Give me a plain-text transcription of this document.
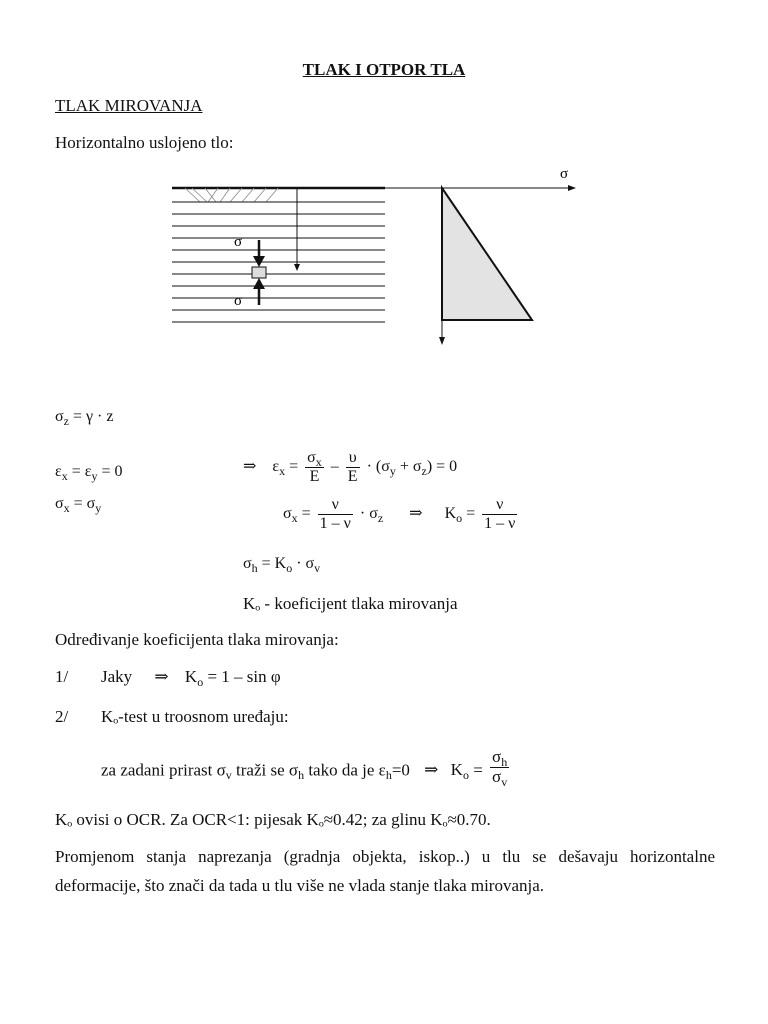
TLAK I OTPOR TLA
TLAK MIROVANJA
Horizontalno uslojeno tlo:
σ
σ
σ
$\sigma_z = \gamma \cdot z$
$\varepsilon_x = \varepsilon_y = 0$
$\sigma_x = \sigma_y$
⇒ $\varepsilon_x = \frac{\sigma_x}{E} - \frac{\upsilon}{E} \cdot (\sigma_y + \sigma_z) = 0$
$\sigma_x = \frac{\nu}{1 - \nu} \cdot \sigma_z$ ⇒ $K_o = \frac{\nu}{1 - \nu}$
$\sigma_h = K_o \cdot \sigma_v$
Kₒ - koeficijent tlaka mirovanja
Određivanje koeficijenta tlaka mirovanja:
1/ Jaky ⇒ $K_o = 1 - \sin \varphi$
2/ Kₒ-test u troosnom uređaju:
za zadani prirast $\sigma_v$ traži se $\sigma_h$ tako da je $\varepsilon_h=0$ ⇒ $K_o = \frac{\sigma_h}{\sigma_v}$
Kₒ ovisi o OCR. Za OCR<1: pijesak Kₒ≈0.42; za glinu Kₒ≈0.70.
Promjenom stanja naprezanja (gradnja objekta, iskop..) u tlu se dešavaju horizontalne deformacije, što znači da tada u tlu više ne vlada stanje tlaka mirovanja.
